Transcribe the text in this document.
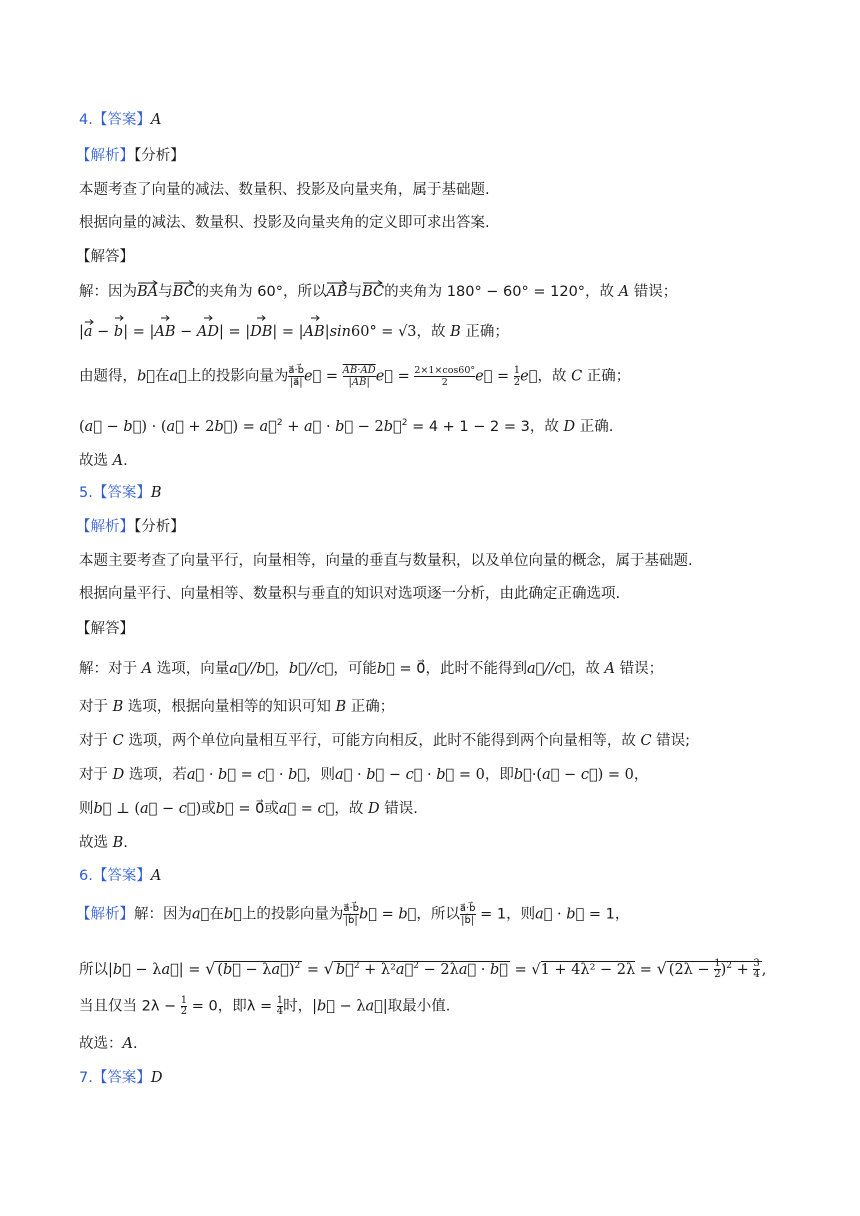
4.【答案】A
【解析】【分析】
本题考查了向量的减法、数量积、投影及向量夹角，属于基础题.
根据向量的减法、数量积、投影及向量夹角的定义即可求出答案.
【解答】
解：因为BA
与BC
的夹角为 60°，所以AB
与BC
的夹角为 180° − 60° = 120°，故 A 错误；
|a
− b
| = |AB
− AD
| = |DB
| = |AB
|sin60° = √3，故 B 正确；
由题得，b⃗在a⃗上的投影向量为 $\frac{a⃗\cdot b⃗}{|a⃗|}$ e⃗ = $\frac{AB\cdot AD}{|AB|}$ e⃗ = $\frac{2\times 1\times\cos 60^\circ}{2}$ e⃗ = $\frac{1}{2}$ e⃗，故 C 正确；
(a⃗ − b⃗) · (a⃗ + 2b⃗) = a⃗$^2$ + a⃗ · b⃗ − 2b⃗$^2$ = 4 + 1 − 2 = 3，故 D 正确.
故选 A.
5.【答案】B
【解析】【分析】
本题主要考查了向量平行，向量相等，向量的垂直与数量积，以及单位向量的概念，属于基础题.
根据向量平行、向量相等、数量积与垂直的知识对选项逐一分析，由此确定正确选项.
【解答】
解：对于 A 选项，向量a⃗//b⃗，b⃗//c⃗，可能b⃗ = 0⃗，此时不能得到a⃗//c⃗，故 A 错误；
对于 B 选项，根据向量相等的知识可知 B 正确；
对于 C 选项，两个单位向量相互平行，可能方向相反，此时不能得到两个向量相等，故 C 错误;
对于 D 选项，若a⃗ · b⃗ = c⃗ · b⃗，则a⃗ · b⃗ − c⃗ · b⃗ = 0，即b⃗·(a⃗ − c⃗) = 0，
则b⃗ ⊥ (a⃗ − c⃗)或b⃗ = 0⃗或a⃗ = c⃗，故 D 错误.
故选 B.
6.【答案】A
【解析】解：因为a⃗在b⃗上的投影向量为 $\frac{a⃗\cdot b⃗}{|b⃗|}$ b⃗ = b⃗，所以 $\frac{a⃗\cdot b⃗}{|b⃗|} = 1$，则a⃗ · b⃗ = 1，
所以|b⃗ − λa⃗| = √ (b⃗ − λa⃗)$^2$ = √ b⃗$^2$ + λ²a⃗$^2$ − 2λa⃗ · b⃗ = √1 + 4λ² − 2λ = √ $(2\lambda - \frac{1}{2} )^2 + \frac{3}{4}$ ,
当且仅当 $2\lambda - \frac{1}{2} = 0$，即$\lambda = \frac{1}{4}$ 时，|b⃗ − λa⃗|取最小值.
故选：A.
7.【答案】D
